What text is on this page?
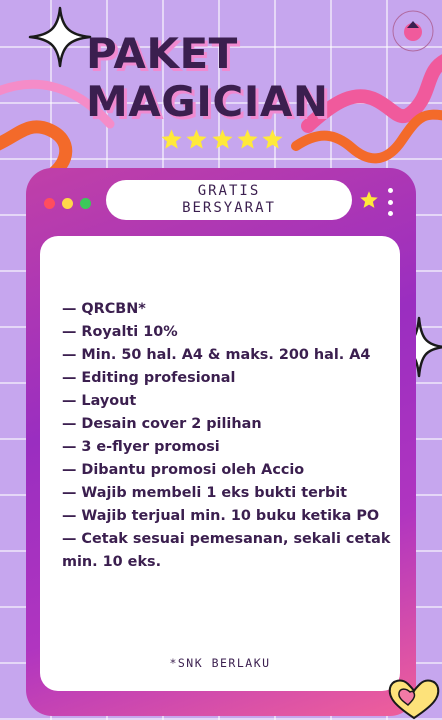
PAKET
MAGICIAN
GRATIS
BERSYARAT
— QRCBN*
— Royalti 10%
— Min. 50 hal. A4 & maks. 200 hal. A4
— Editing profesional
— Layout
— Desain cover 2 pilihan
— 3 e-flyer promosi
— Dibantu promosi oleh Accio
— Wajib membeli 1 eks bukti terbit
— Wajib terjual min. 10 buku ketika PO
— Cetak sesuai pemesanan, sekali cetak min. 10 eks.
*SNK BERLAKU
